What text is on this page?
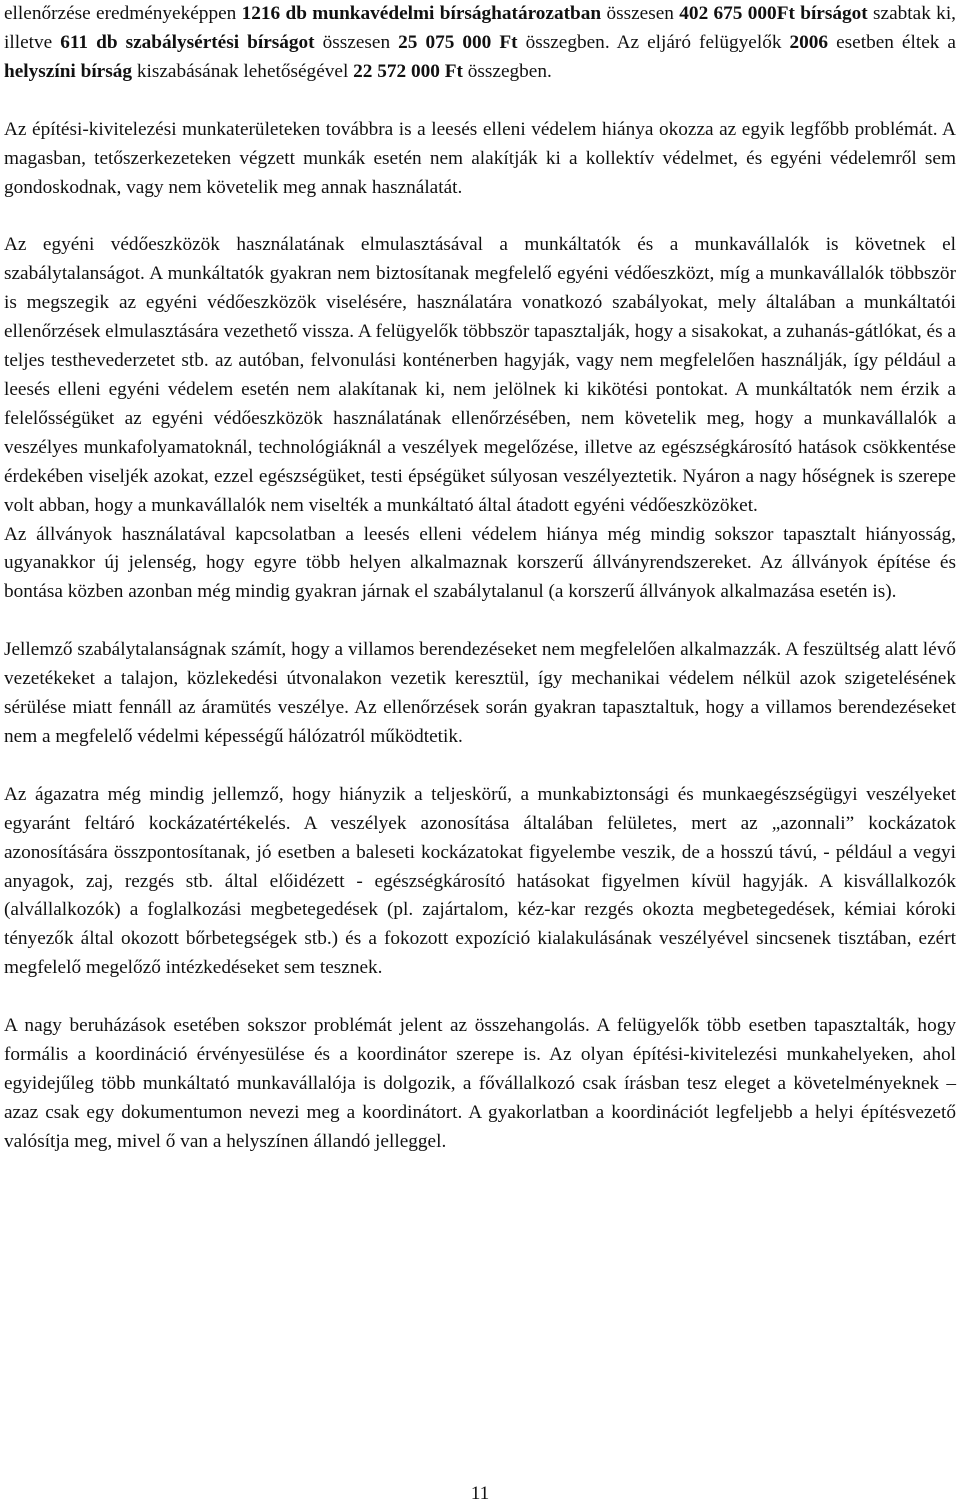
ellenőrzése eredményeképpen 1216 db munkavédelmi bírsághatározatban összesen 402 675 000Ft bírságot szabtak ki, illetve 611 db szabálysértési bírságot összesen 25 075 000 Ft összegben. Az eljáró felügyelők 2006 esetben éltek a helyszíni bírság kiszabásának lehetőségével 22 572 000 Ft összegben.

Az építési-kivitelezési munkaterületeken továbbra is a leesés elleni védelem hiánya okozza az egyik legfőbb problémát. A magasban, tetőszerkezeteken végzett munkák esetén nem alakítják ki a kollektív védelmet, és egyéni védelemről sem gondoskodnak, vagy nem követelik meg annak használatát.

Az egyéni védőeszközök használatának elmulasztásával a munkáltatók és a munkavállalók is követnek el szabálytalanságot. A munkáltatók gyakran nem biztosítanak megfelelő egyéni védőeszközt, míg a munkavállalók többször is megszegik az egyéni védőeszközök viselésére, használatára vonatkozó szabályokat, mely általában a munkáltatói ellenőrzések elmulasztására vezethető vissza. A felügyelők többször tapasztalják, hogy a sisakokat, a zuhanás-gátlókat, és a teljes testhevederzetet stb. az autóban, felvonulási konténerben hagyják, vagy nem megfelelően használják, így például a leesés elleni egyéni védelem esetén nem alakítanak ki, nem jelölnek ki kikötési pontokat. A munkáltatók nem érzik a felelősségüket az egyéni védőeszközök használatának ellenőrzésében, nem követelik meg, hogy a munkavállalók a veszélyes munkafolyamatoknál, technológiáknál a veszélyek megelőzése, illetve az egészségkárosító hatások csökkentése érdekében viseljék azokat, ezzel egészségüket, testi épségüket súlyosan veszélyeztetik. Nyáron a nagy hőségnek is szerepe volt abban, hogy a munkavállalók nem viselték a munkáltató által átadott egyéni védőeszközöket.

Az állványok használatával kapcsolatban a leesés elleni védelem hiánya még mindig sokszor tapasztalt hiányosság, ugyanakkor új jelenség, hogy egyre több helyen alkalmaznak korszerű állványrendszereket. Az állványok építése és bontása közben azonban még mindig gyakran járnak el szabálytalanul (a korszerű állványok alkalmazása esetén is).

Jellemző szabálytalanságnak számít, hogy a villamos berendezéseket nem megfelelően alkalmazzák. A feszültség alatt lévő vezetékeket a talajon, közlekedési útvonalakon vezetik keresztül, így mechanikai védelem nélkül azok szigetelésének sérülése miatt fennáll az áramütés veszélye. Az ellenőrzések során gyakran tapasztaltuk, hogy a villamos berendezéseket nem a megfelelő védelmi képességű hálózatról működtetik.

Az ágazatra még mindig jellemző, hogy hiányzik a teljeskörű, a munkabiztonsági és munkaegészségügyi veszélyeket egyaránt feltáró kockázatértékelés. A veszélyek azonosítása általában felületes, mert az „azonnali” kockázatok azonosítására összpontosítanak, jó esetben a baleseti kockázatokat figyelembe veszik, de a hosszú távú, - például a vegyi anyagok, zaj, rezgés stb. által előidézett - egészségkárosító hatásokat figyelmen kívül hagyják. A kisvállalkozók (alvállalkozók) a foglalkozási megbetegedések (pl. zajártalom, kéz-kar rezgés okozta megbetegedések, kémiai kóroki tényezők által okozott bőrbetegségek stb.) és a fokozott expozíció kialakulásának veszélyével sincsenek tisztában, ezért megfelelő megelőző intézkedéseket sem tesznek.

A nagy beruházások esetében sokszor problémát jelent az összehangolás. A felügyelők több esetben tapasztalták, hogy formális a koordináció érvényesülése és a koordinátor szerepe is. Az olyan építési-kivitelezési munkahelyeken, ahol egyidejűleg több munkáltató munkavállalója is dolgozik, a fővállalkozó csak írásban tesz eleget a követelményeknek – azaz csak egy dokumentumon nevezi meg a koordinátort. A gyakorlatban a koordinációt legfeljebb a helyi építésvezető valósítja meg, mivel ő van a helyszínen állandó jelleggel.

11
